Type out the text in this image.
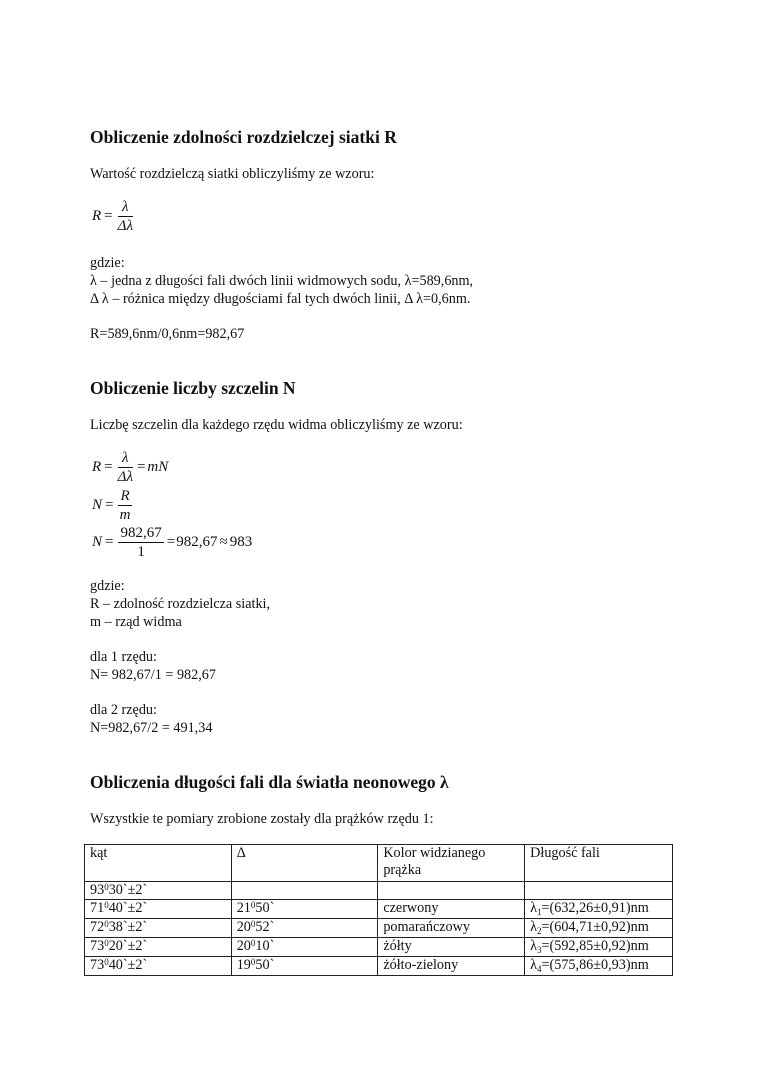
Obliczenie zdolności rozdzielczej siatki R
Wartość rozdzielczą siatki obliczyliśmy ze wzoru:
$R = \frac{\lambda}{\Delta\lambda}$
gdzie:
λ – jedna z długości fali dwóch linii widmowych sodu, λ=589,6nm,
Δ λ – różnica między długościami fal tych dwóch linii, Δ λ=0,6nm.
R=589,6nm/0,6nm=982,67
Obliczenie liczby szczelin N
Liczbę szczelin dla każdego rzędu widma obliczyliśmy ze wzoru:
$R = \frac{\lambda}{\Delta\lambda}$ = mN
$N = \frac{R}{m}$
$N = \frac{982,67}{1} = 982,67 \approx 983$
gdzie:
R – zdolność rozdzielcza siatki,
m – rząd widma
dla 1 rzędu:
N= 982,67/1 = 982,67
dla 2 rzędu:
N=982,67/2 = 491,34
Obliczenia długości fali dla światła neonowego λ
Wszystkie te pomiary zrobione zostały dla prążków rzędu 1:
kąt	Δ	Kolor widzianego prążka	Długość fali
$93^030`\pm 2`$			
$71^040`\pm 2`$	$21^050`$	czerwony	$\lambda_1=(632,26\pm 0,91)nm$
$72^038`\pm 2`$	$20^052`$	pomarańczowy	$\lambda_2=(604,71\pm 0,92)nm$
$73^020`\pm 2`$	$20^010`$	żółty	$\lambda_3=(592,85\pm 0,92)nm$
$73^040`\pm 2`$	$19^050`$	żółto-zielony	$\lambda_4=(575,86\pm 0,93)nm$
